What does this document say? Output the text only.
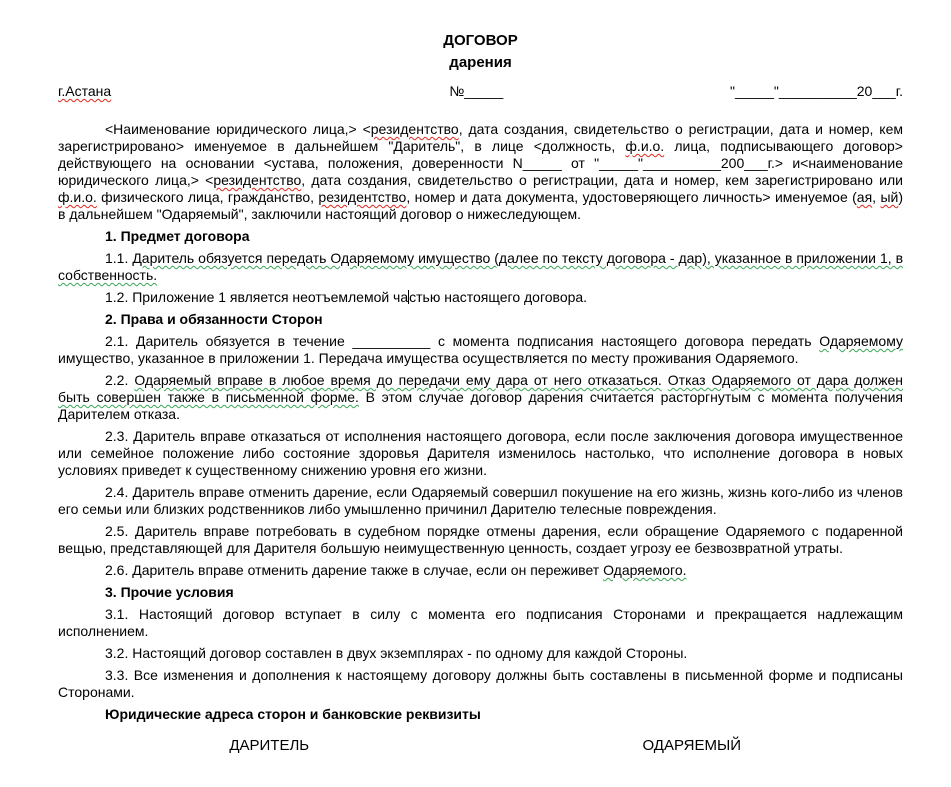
ДОГОВОР
дарения
г.Астана	№_____	"_____"__________20___г.

<Наименование юридического лица,> <резидентство, дата создания, свидетельство о регистрации, дата и номер, кем зарегистрировано> именуемое в дальнейшем "Даритель", в лице <должность, ф.и.о. лица, подписывающего договор> действующего на основании <устава, положения, доверенности N_____ от "_____"__________200___г.> и<наименование юридического лица,> <резидентство, дата создания, свидетельство о регистрации, дата и номер, кем зарегистрировано или ф.и.о. физического лица, гражданство, резидентство, номер и дата документа, удостоверяющего личность> именуемое (ая, ый) в дальнейшем "Одаряемый", заключили настоящий договор о нижеследующем.

1. Предмет договора

1.1. Даритель обязуется передать Одаряемому имущество (далее по тексту договора - дар), указанное в приложении 1, в собственность.

1.2. Приложение 1 является неотъемлемой частью настоящего договора.

2. Права и обязанности Сторон

2.1. Даритель обязуется в течение __________ с момента подписания настоящего договора передать Одаряемому имущество, указанное в приложении 1. Передача имущества осуществляется по месту проживания Одаряемого.

2.2. Одаряемый вправе в любое время до передачи ему дара от него отказаться. Отказ Одаряемого от дара должен быть совершен также в письменной форме. В этом случае договор дарения считается расторгнутым с момента получения Дарителем отказа.

2.3. Даритель вправе отказаться от исполнения настоящего договора, если после заключения договора имущественное или семейное положение либо состояние здоровья Дарителя изменилось настолько, что исполнение договора в новых условиях приведет к существенному снижению уровня его жизни.

2.4. Даритель вправе отменить дарение, если Одаряемый совершил покушение на его жизнь, жизнь кого-либо из членов его семьи или близких родственников либо умышленно причинил Дарителю телесные повреждения.

2.5. Даритель вправе потребовать в судебном порядке отмены дарения, если обращение Одаряемого с подаренной вещью, представляющей для Дарителя большую неимущественную ценность, создает угрозу ее безвозвратной утраты.

2.6. Даритель вправе отменить дарение также в случае, если он переживет Одаряемого.

3. Прочие условия

3.1. Настоящий договор вступает в силу с момента его подписания Сторонами и прекращается надлежащим исполнением.

3.2. Настоящий договор составлен в двух экземплярах - по одному для каждой Стороны.

3.3. Все изменения и дополнения к настоящему договору должны быть составлены в письменной форме и подписаны Сторонами.

Юридические адреса сторон и банковские реквизиты
ДАРИТЕЛЬ	ОДАРЯЕМЫЙ
